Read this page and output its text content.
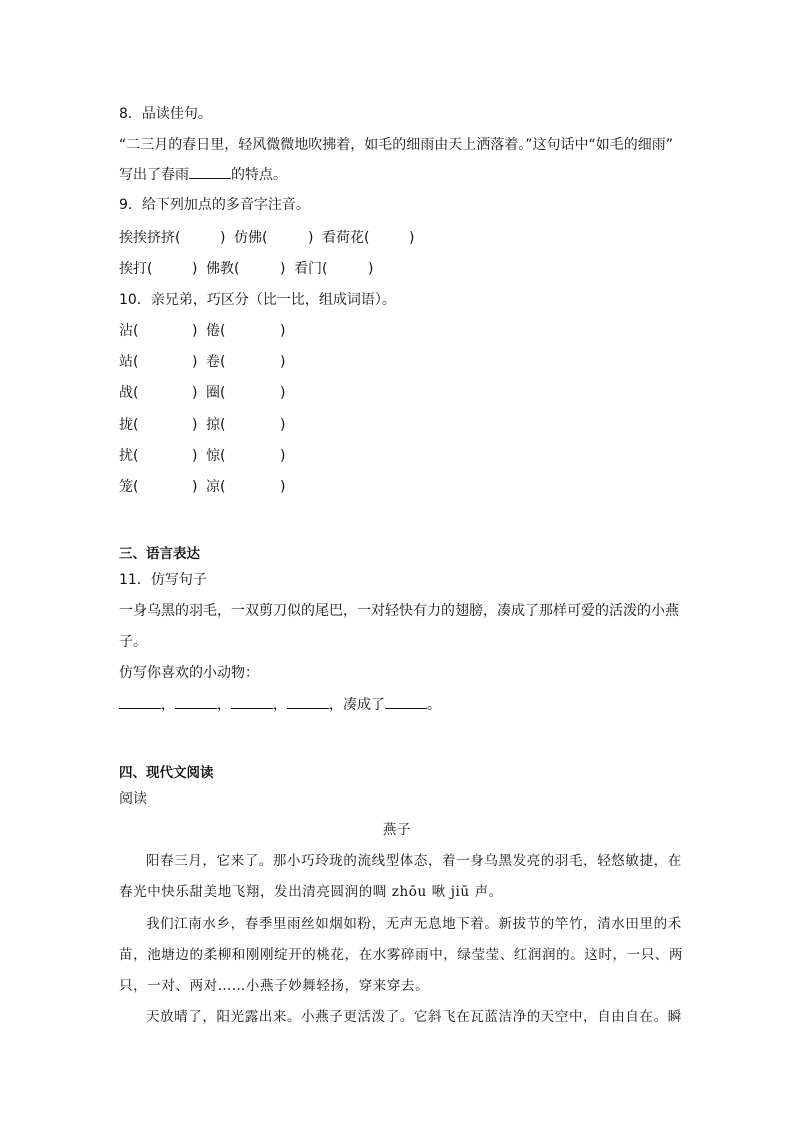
8．品读佳句。
“二三月的春日里，轻风微微地吹拂着，如毛的细雨由天上洒落着。”这句话中“如毛的细雨”
写出了春雨	的特点。
9．给下列加点的多音字注音。
挨挨挤挤(	) 仿佛(	) 看荷花(	)
挨打(	) 佛教(	) 看门(	)
10．亲兄弟，巧区分（比一比，组成词语）。
沾(	) 倦(	)
站(	) 卷(	)
战(	) 圈(	)
拢(	) 掠(	)
扰(	) 惊(	)
笼(	) 凉(	)
三、语言表达
11．仿写句子
一身乌黑的羽毛，一双剪刀似的尾巴，一对轻快有力的翅膀，凑成了那样可爱的活泼的小燕
子。
仿写你喜欢的小动物：
，	，	，	，凑成了	。
四、现代文阅读
阅读
燕子
阳春三月，它来了。那小巧玲珑的流线型体态，着一身乌黑发亮的羽毛，轻悠敏捷，在
春光中快乐甜美地飞翔，发出清亮圆润的啁 zhōu 啾 jiū 声。
我们江南水乡，春季里雨丝如烟如粉，无声无息地下着。新拔节的竿竹，清水田里的禾
苗，池塘边的柔柳和刚刚绽开的桃花，在水雾碎雨中，绿莹莹、红润润的。这时，一只、两
只，一对、两对……小燕子妙舞轻扬，穿来穿去。
天放晴了，阳光露出来。小燕子更活泼了。它斜飞在瓦蓝洁净的天空中，自由自在。瞬
